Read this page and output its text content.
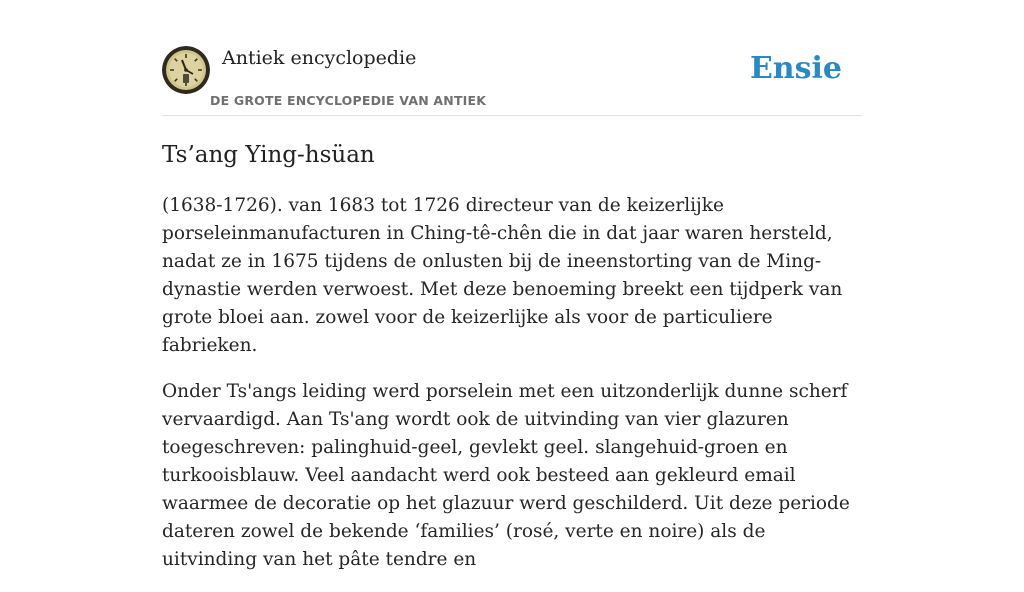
Antiek encyclopedie
DE GROTE ENCYCLOPEDIE VAN ANTIEK
Ensie
Ts’ang Ying-hsüan

(1638-1726). van 1683 tot 1726 directeur van de keizerlijke porseleinmanufacturen in Ching-tê-chên die in dat jaar waren hersteld, nadat ze in 1675 tijdens de onlusten bij de ineenstorting van de Ming-dynastie werden verwoest. Met deze benoeming breekt een tijdperk van grote bloei aan. zowel voor de keizerlijke als voor de particuliere fabrieken.

Onder Ts'angs leiding werd porselein met een uitzonderlijk dunne scherf vervaardigd. Aan Ts'ang wordt ook de uitvinding van vier glazuren toegeschreven: palinghuid-geel, gevlekt geel. slangehuid-groen en turkooisblauw. Veel aandacht werd ook besteed aan gekleurd email waarmee de decoratie op het glazuur werd geschilderd. Uit deze periode dateren zowel de bekende ‘families’ (rosé, verte en noire) als de uitvinding van het pâte tendre en
